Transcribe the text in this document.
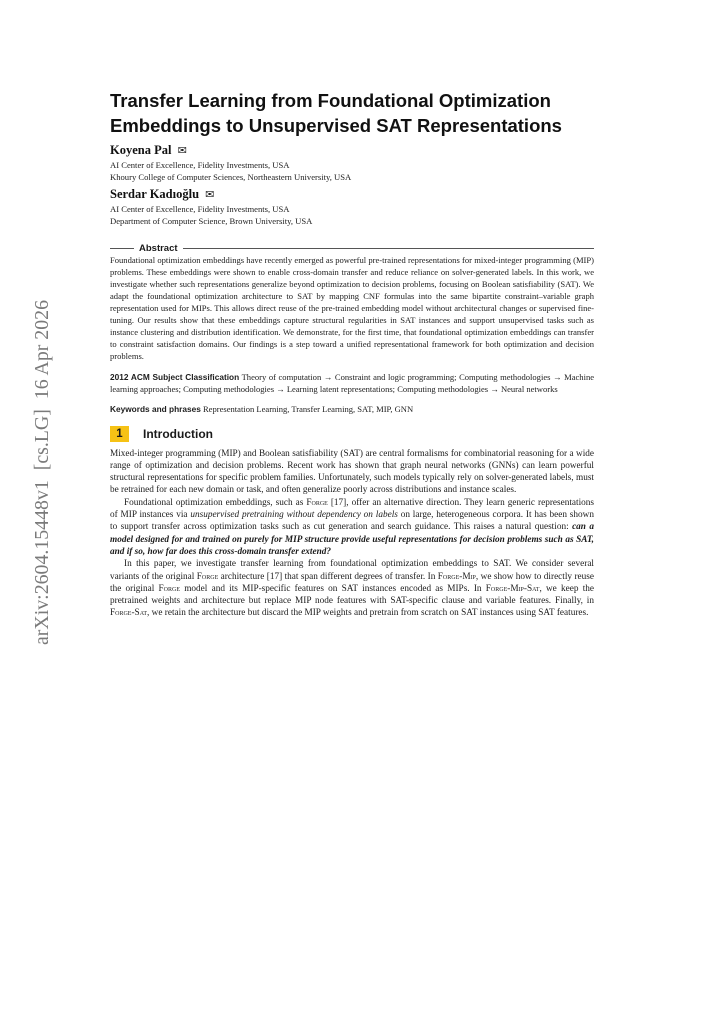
arXiv:2604.15448v1  [cs.LG]  16 Apr 2026
Transfer Learning from Foundational Optimization
Embeddings to Unsupervised SAT Representations
Koyena Pal ✉
AI Center of Excellence, Fidelity Investments, USA
Khoury College of Computer Sciences, Northeastern University, USA
Serdar Kadıoğlu ✉
AI Center of Excellence, Fidelity Investments, USA
Department of Computer Science, Brown University, USA
Abstract
Foundational optimization embeddings have recently emerged as powerful pre-trained representations for mixed-integer programming (MIP) problems. These embeddings were shown to enable cross-domain transfer and reduce reliance on solver-generated labels. In this work, we investigate whether such representations generalize beyond optimization to decision problems, focusing on Boolean satisfiability (SAT). We adapt the foundational optimization architecture to SAT by mapping CNF formulas into the same bipartite constraint–variable graph representation used for MIPs. This allows direct reuse of the pre-trained embedding model without architectural changes or supervised fine-tuning. Our results show that these embeddings capture structural regularities in SAT instances and support unsupervised tasks such as instance clustering and distribution identification. We demonstrate, for the first time, that foundational optimization embeddings can transfer to constraint satisfaction domains. Our findings is a step toward a unified representational framework for both optimization and decision problems.
2012 ACM Subject Classification Theory of computation → Constraint and logic programming; Computing methodologies → Machine learning approaches; Computing methodologies → Learning latent representations; Computing methodologies → Neural networks
Keywords and phrases Representation Learning, Transfer Learning, SAT, MIP, GNN
1	Introduction

Mixed-integer programming (MIP) and Boolean satisfiability (SAT) are central formalisms for combinatorial reasoning for a wide range of optimization and decision problems. Recent work has shown that graph neural networks (GNNs) can learn powerful structural representations for specific problem families. Unfortunately, such models typically rely on solver-generated labels, must be retrained for each new domain or task, and often generalize poorly across distributions and instance scales.

Foundational optimization embeddings, such as Forge [17], offer an alternative direction. They learn generic representations of MIP instances via unsupervised pretraining without dependency on labels on large, heterogeneous corpora. It has been shown to support transfer across optimization tasks such as cut generation and search guidance. This raises a natural question: can a model designed for and trained on purely for MIP structure provide useful representations for decision problems such as SAT, and if so, how far does this cross-domain transfer extend?

In this paper, we investigate transfer learning from foundational optimization embeddings to SAT. We consider several variants of the original Forge architecture [17] that span different degrees of transfer. In Forge-Mip, we show how to directly reuse the original Forge model and its MIP-specific features on SAT instances encoded as MIPs. In Forge-Mip-Sat, we keep the pretrained weights and architecture but replace MIP node features with SAT-specific clause and variable features. Finally, in Forge-Sat, we retain the architecture but discard the MIP weights and pretrain from scratch on SAT instances using SAT features.
